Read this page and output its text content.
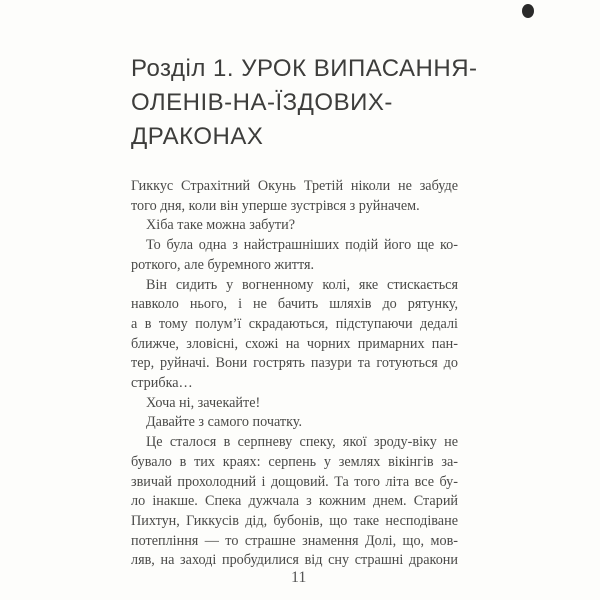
Розділ 1. УРОК ВИПАСАННЯ-
ОЛЕНІВ-НА-ЇЗДОВИХ-
ДРАКОНАХ
Гиккус Страхітний Окунь Третій ніколи не забуде
того дня, коли він уперше зустрівся з руйначем.
Хіба таке можна забути?
То була одна з найстрашніших подій його ще ко-
роткого, але буремного життя.
Він сидить у вогненному колі, яке стискається
навколо нього, і не бачить шляхів до рятунку,
а в тому полум’ї скрадаються, підступаючи дедалі
ближче, зловісні, схожі на чорних примарних пан-
тер, руйначі. Вони гострять пазури та готуються до
стрибка…
Хоча ні, зачекайте!
Давайте з самого початку.
Це сталося в серпневу спеку, якої зроду-віку не
бувало в тих краях: серпень у землях вікінгів за-
звичай прохолодний і дощовий. Та того літа все бу-
ло інакше. Спека дужчала з кожним днем. Старий
Пихтун, Гиккусів дід, бубонів, що таке несподіване
потепління — то страшне знамення Долі, що, мов-
ляв, на заході пробудилися від сну страшні дракони
11
